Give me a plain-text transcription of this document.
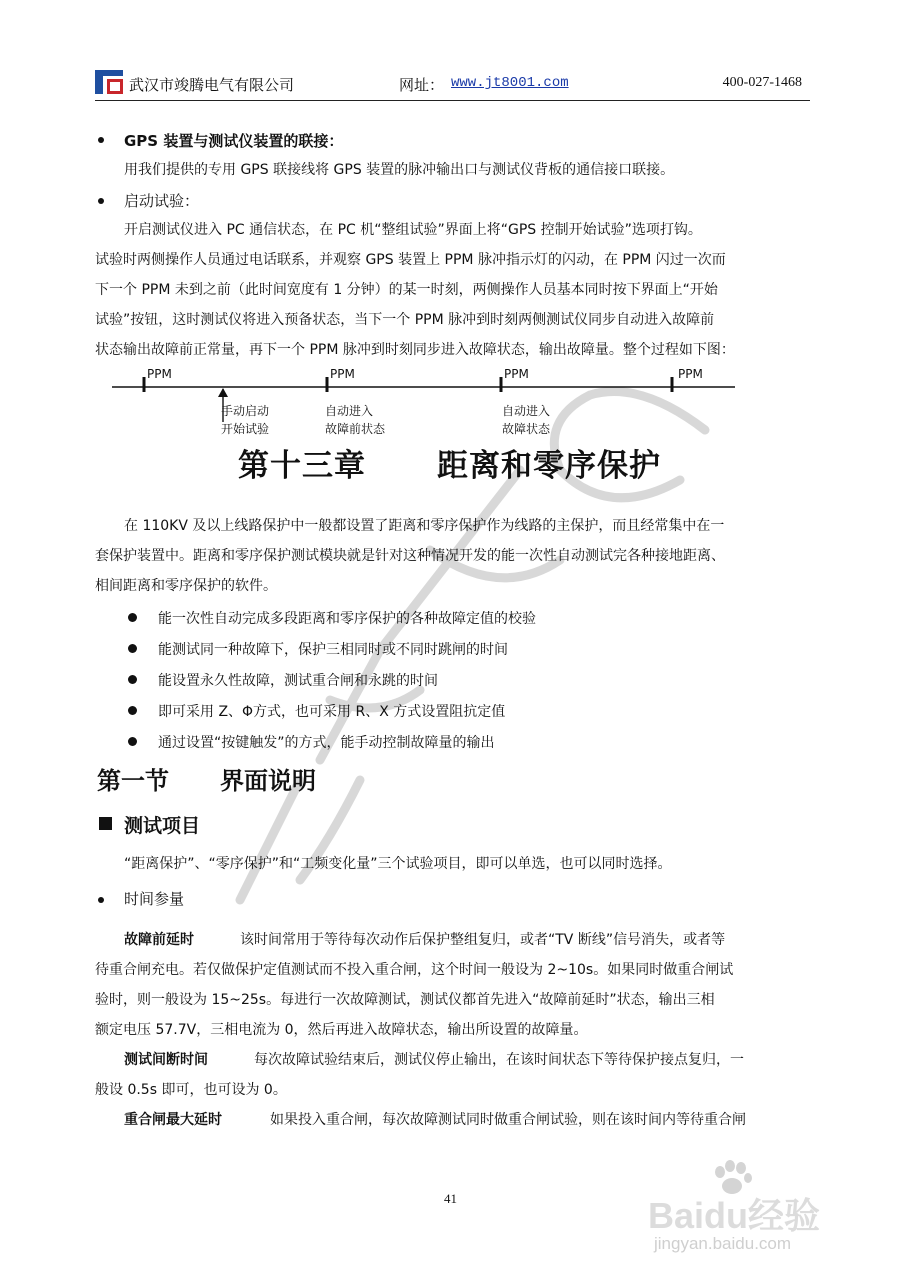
武汉市竣腾电气有限公司	网址： www.jt8001.com	400-027-1468
GPS 装置与测试仪装置的联接：
用我们提供的专用 GPS 联接线将 GPS 装置的脉冲输出口与测试仪背板的通信接口联接。
启动试验：
开启测试仪进入 PC 通信状态，在 PC 机“整组试验”界面上将“GPS 控制开始试验”选项打钩。
试验时两侧操作人员通过电话联系，并观察 GPS 装置上 PPM 脉冲指示灯的闪动，在 PPM 闪过一次而
下一个 PPM 未到之前（此时间宽度有 1 分钟）的某一时刻，两侧操作人员基本同时按下界面上“开始
试验”按钮，这时测试仪将进入预备状态，当下一个 PPM 脉冲到时刻两侧测试仪同步自动进入故障前
状态输出故障前正常量，再下一个 PPM 脉冲到时刻同步进入故障状态，输出故障量。整个过程如下图：
PPM	PPM	PPM	PPM
手动启动
开始试验
自动进入
故障前状态
自动进入
故障状态
第十三章 距离和零序保护
在 110KV 及以上线路保护中一般都设置了距离和零序保护作为线路的主保护，而且经常集中在一
套保护装置中。距离和零序保护测试模块就是针对这种情况开发的能一次性自动测试完各种接地距离、
相间距离和零序保护的软件。
能一次性自动完成多段距离和零序保护的各种故障定值的校验
能测试同一种故障下，保护三相同时或不同时跳闸的时间
能设置永久性故障，测试重合闸和永跳的时间
即可采用 Z、Φ方式，也可采用 R、X 方式设置阻抗定值
通过设置“按键触发”的方式，能手动控制故障量的输出
第一节 界面说明
测试项目
“距离保护”、“零序保护”和“工频变化量”三个试验项目，即可以单选，也可以同时选择。
时间参量
故障前延时	该时间常用于等待每次动作后保护整组复归，或者“TV 断线”信号消失，或者等
待重合闸充电。若仅做保护定值测试而不投入重合闸，这个时间一般设为 2~10s。如果同时做重合闸试
验时，则一般设为 15~25s。每进行一次故障测试，测试仪都首先进入“故障前延时”状态，输出三相
额定电压 57.7V，三相电流为 0，然后再进入故障状态，输出所设置的故障量。
测试间断时间	每次故障试验结束后，测试仪停止输出，在该时间状态下等待保护接点复归，一
般设 0.5s 即可，也可设为 0。
重合闸最大延时	如果投入重合闸，每次故障测试同时做重合闸试验，则在该时间内等待重合闸
41	Baidu经验
jingyan.baidu.com
